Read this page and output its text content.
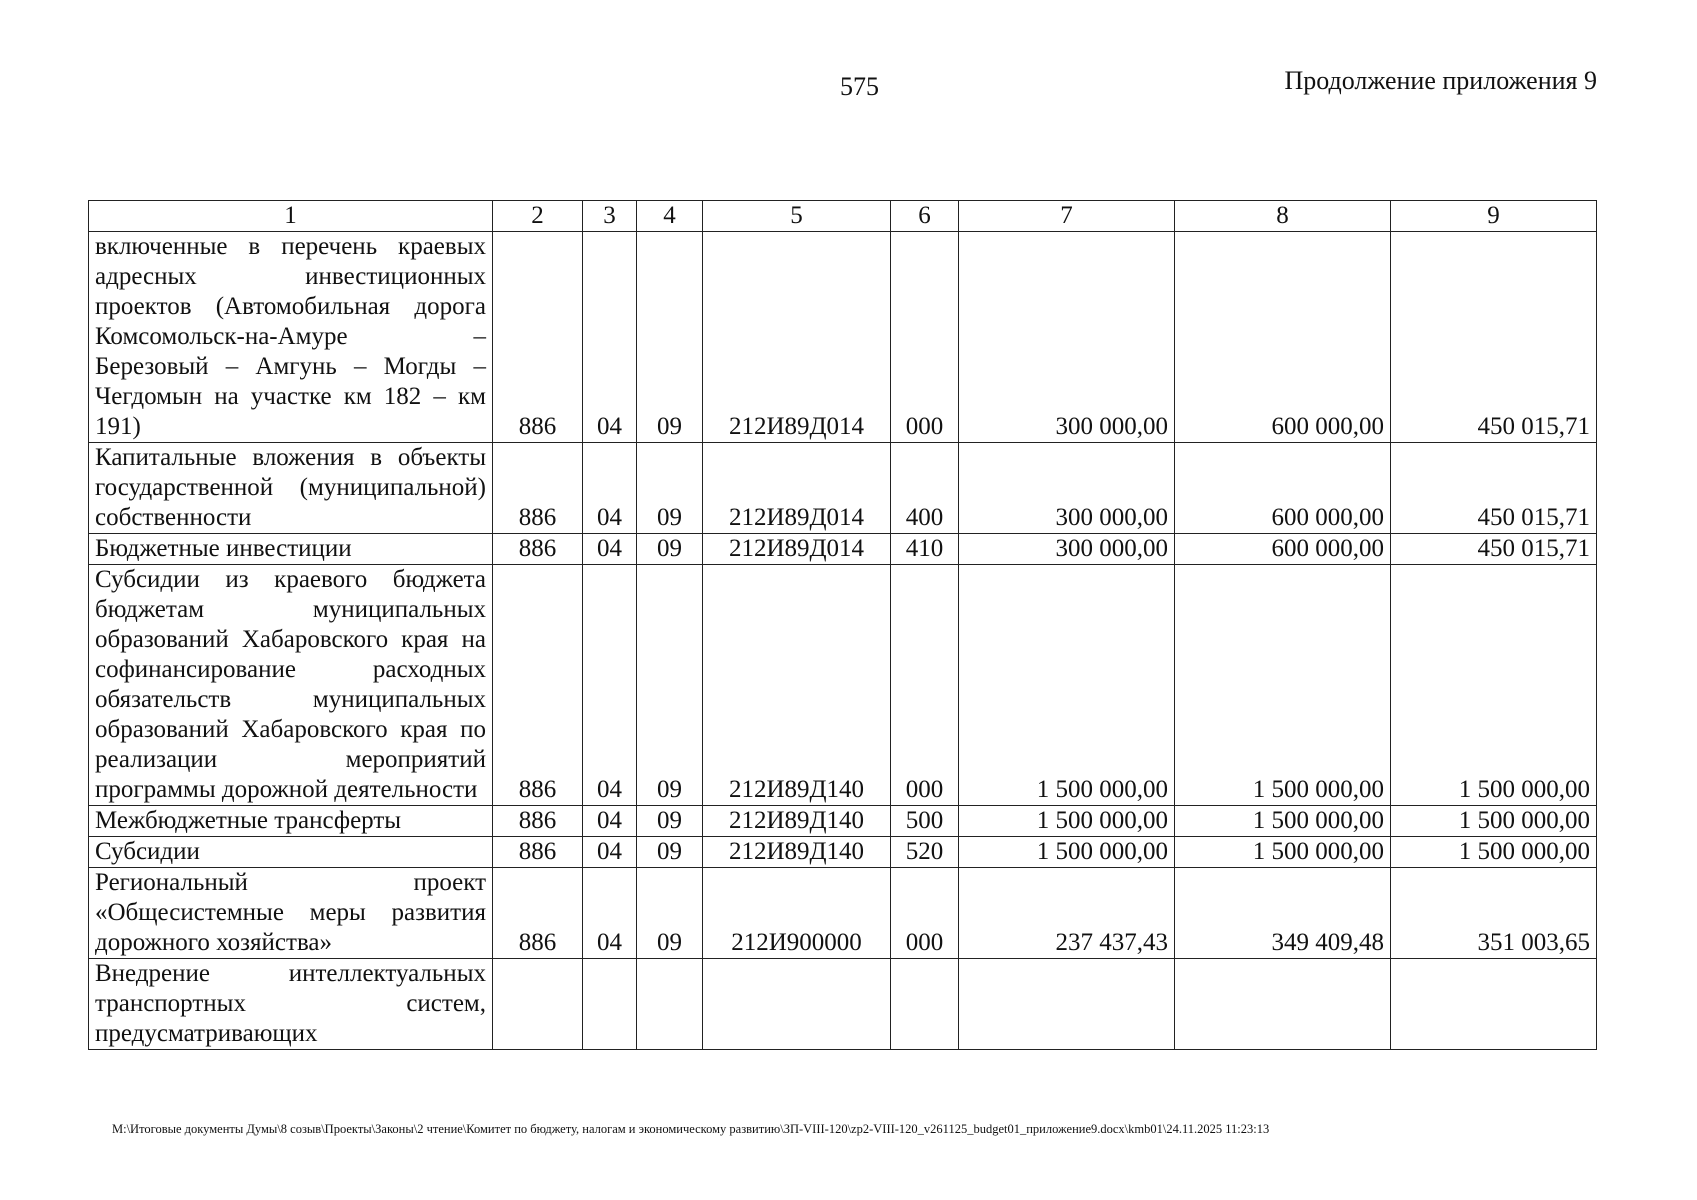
575	Продолжение приложения 9
1	2	3	4	5	6	7	8	9
включенные в перечень краевых адресных инвестиционных проектов (Автомобильная дорога Комсомольск-на-Амуре – Березовый – Амгунь – Могды – Чегдомын на участке км 182 – км 191)	886	04	09	212И89Д014	000	300 000,00	600 000,00	450 015,71
Капитальные вложения в объекты государственной (муниципальной) собственности	886	04	09	212И89Д014	400	300 000,00	600 000,00	450 015,71
Бюджетные инвестиции	886	04	09	212И89Д014	410	300 000,00	600 000,00	450 015,71
Субсидии из краевого бюджета бюджетам муниципальных образований Хабаровского края на софинансирование расходных обязательств муниципальных образований Хабаровского края по реализации мероприятий программы дорожной деятельности	886	04	09	212И89Д140	000	1 500 000,00	1 500 000,00	1 500 000,00
Межбюджетные трансферты	886	04	09	212И89Д140	500	1 500 000,00	1 500 000,00	1 500 000,00
Субсидии	886	04	09	212И89Д140	520	1 500 000,00	1 500 000,00	1 500 000,00
Региональный проект «Общесистемные меры развития дорожного хозяйства»	886	04	09	212И900000	000	237 437,43	349 409,48	351 003,65
Внедрение интеллектуальных транспортных систем, предусматривающих								
M:\Итоговые документы Думы\8 созыв\Проекты\Законы\2 чтение\Комитет по бюджету, налогам и экономическому развитию\ЗП-VIII-120\zp2-VIII-120_v261125_budget01_приложение9.docx\kmb01\24.11.2025 11:23:13
